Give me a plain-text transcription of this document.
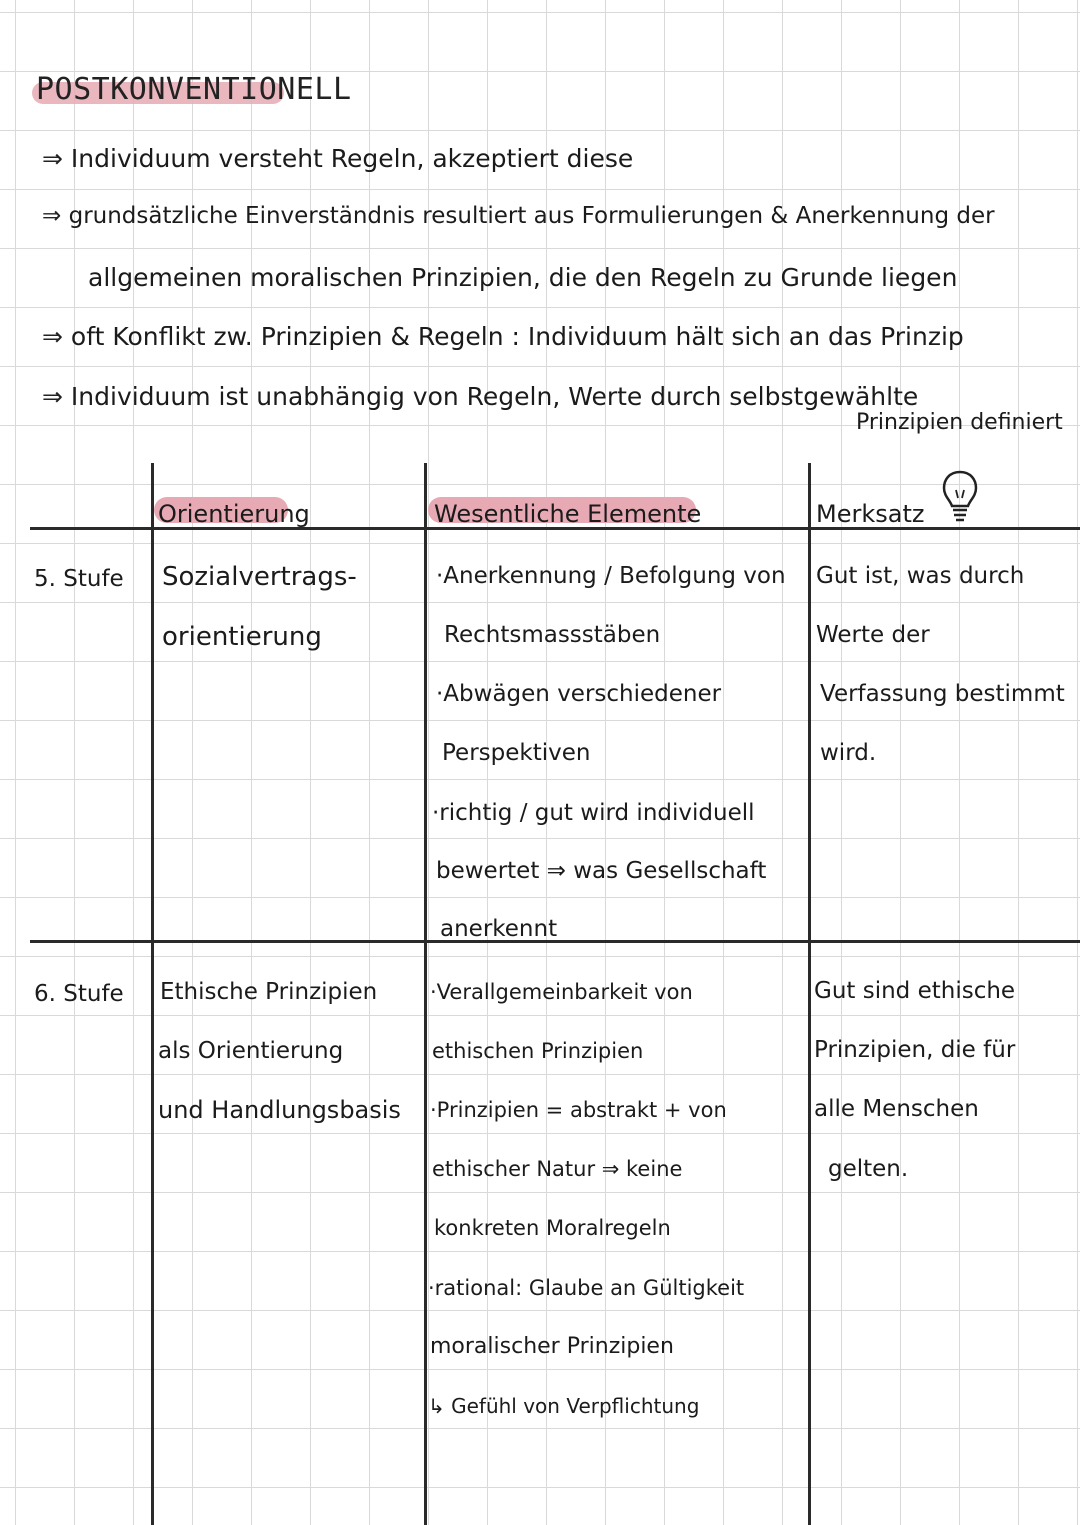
POSTKONVENTIONELL
⇒ Individuum versteht Regeln, akzeptiert diese
⇒ grundsätzliche Einverständnis resultiert aus Formulierungen & Anerkennung der
allgemeinen moralischen Prinzipien, die den Regeln zu Grunde liegen
⇒ oft Konflikt zw. Prinzipien & Regeln : Individuum hält sich an das Prinzip
⇒ Individuum ist unabhängig von Regeln, Werte durch selbstgewählte
Prinzipien definiert
Orientierung	Wesentliche Elemente	Merksatz
5. Stufe Sozialvertrags-
orientierung
·Anerkennung / Befolgung von
Rechtsmassstäben
·Abwägen verschiedener
Perspektiven
·richtig / gut wird individuell
bewertet ⇒ was Gesellschaft
anerkennt
Gut ist, was durch
Werte der
Verfassung bestimmt
wird.
6. Stufe Ethische Prinzipien
als Orientierung
und Handlungsbasis
·Verallgemeinbarkeit von
ethischen Prinzipien
·Prinzipien = abstrakt + von
ethischer Natur ⇒ keine
konkreten Moralregeln
·rational: Glaube an Gültigkeit
moralischer Prinzipien
↳ Gefühl von Verpflichtung
Gut sind ethische
Prinzipien, die für
alle Menschen
gelten.
